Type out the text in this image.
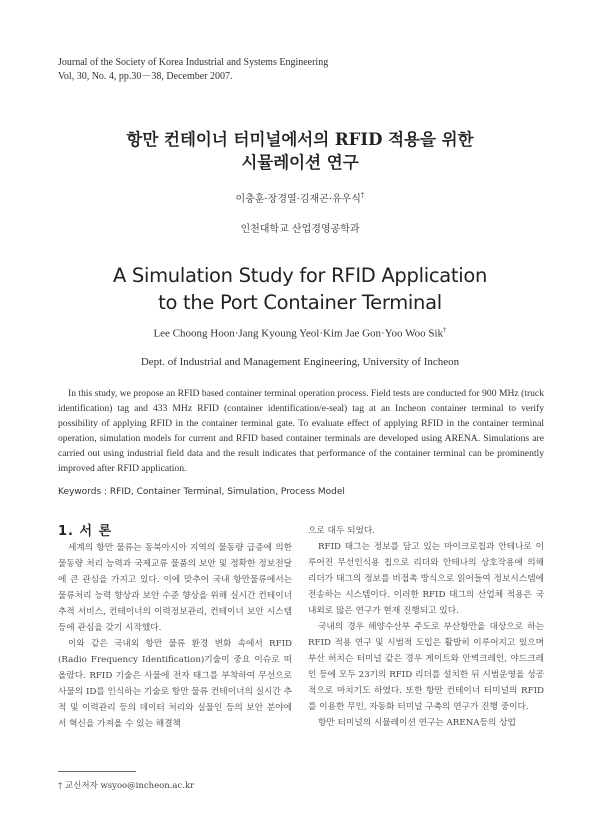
Journal of the Society of Korea Industrial and Systems Engineering
Vol, 30, No. 4, pp.30－38, December 2007.
항만 컨테이너 터미널에서의 RFID 적용을 위한
시뮬레이션 연구
이충훈·장경열·김재곤·유우식†
인천대학교 산업경영공학과
A Simulation Study for RFID Application
to the Port Container Terminal
Lee Choong Hoon·Jang Kyoung Yeol·Kim Jae Gon·Yoo Woo Sik†
Dept. of Industrial and Management Engineering, University of Incheon

In this study, we propose an RFID based container terminal operation process. Field tests are conducted for 900 MHz (truck identification) tag and 433 MHz RFID (container identification/e-seal) tag at an Incheon container terminal to verify possibility of applying RFID in the container terminal gate. To evaluate effect of applying RFID in the container terminal operation, simulation models for current and RFID based container terminals are developed using ARENA. Simulations are carried out using industrial field data and the result indicates that performance of the container terminal can be prominently improved after RFID application.

Keywords : RFID, Container Terminal, Simulation, Process Model
1. 서 론

세계의 항만 물류는 동북아시아 지역의 물동량 급증에 의한 물동량 처리 능력과 국제교류 물품의 보안 및 정확한 정보전달에 큰 관심을 가지고 있다. 이에 맞추어 국내 항만물류에서는 물류처리 능력 향상과 보안 수준 향상을 위해 실시간 컨테이너 추적 서비스, 컨테이너의 이력정보관리, 컨테이너 보안 시스템 등에 관심을 갖기 시작했다.

이와 같은 국내외 항만 물류 환경 변화 속에서 RFID (Radio Frequency Identification)기술이 중요 이슈로 떠올랐다. RFID 기술은 사물에 전자 태그를 부착하여 무선으로 사물의 ID를 인식하는 기술로 항만 물류 컨테이너의 실시간 추적 및 이력관리 등의 데이터 처리와 실물인 등의 보안 분야에서 혁신을 가져올 수 있는 해결책

으로 대두 되었다.

RFID 태그는 정보를 담고 있는 마이크로칩과 안테나로 이루어진 무선인식용 칩으로 리더와 안테나의 상호작용에 의해 리더가 태그의 정보를 비접촉 방식으로 읽어들여 정보시스템에 전송하는 시스템이다. 이러한 RFID 태그의 산업체 적용은 국내외로 많은 연구가 현재 진행되고 있다.

국내의 경우 해양수산부 주도로 부산항만을 대상으로 하는 RFID 적용 연구 및 시범적 도입은 활발히 이루어지고 있으며 부산 허치슨 터미널 같은 경우 게이트와 안벽크레인, 야드크레인 등에 모두 23기의 RFID 리더를 설치한 뒤 시범운영을 성공적으로 마치기도 하였다. 또한 항만 컨테이너 터미널의 RFID를 이용한 무인, 자동화 터미널 구축의 연구가 진행 중이다.

항만 터미널의 시뮬레이션 연구는 ARENA등의 상업

† 교신저자 wsyoo@incheon.ac.kr
